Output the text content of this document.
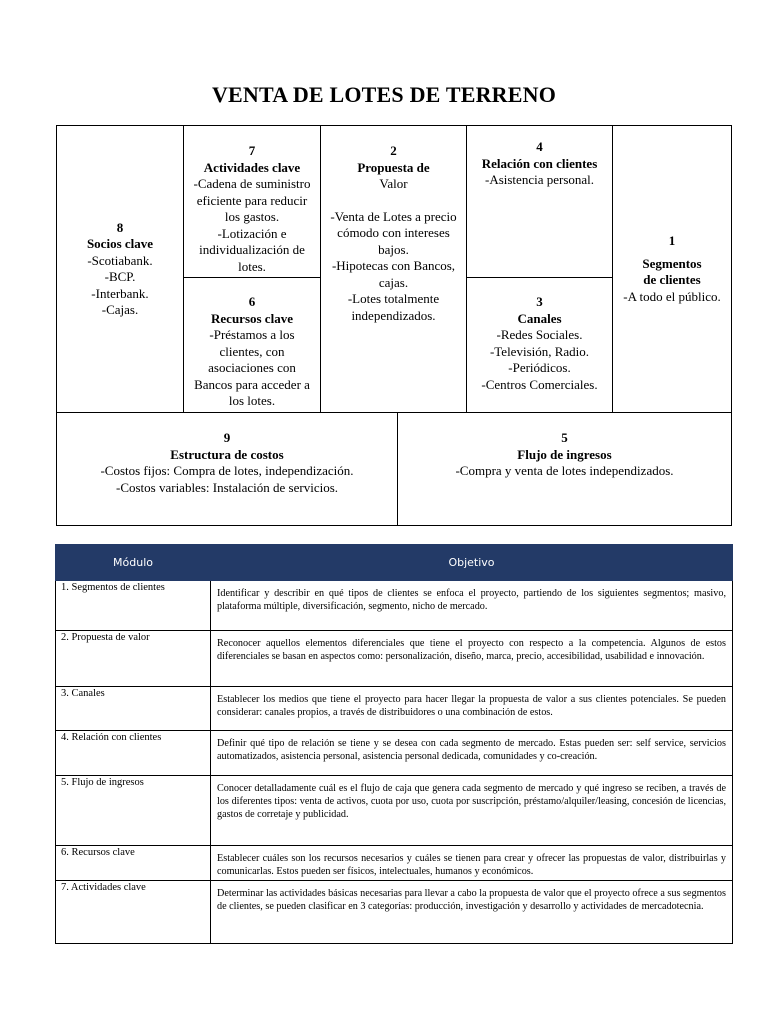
VENTA DE LOTES DE TERRENO
8
Socios clave
-Scotiabank.
-BCP.
-Interbank.
-Cajas.
7
Actividades clave
-Cadena de suministro
eficiente para reducir
los gastos.
-Lotización e
individualización de
lotes.
6
Recursos clave
-Préstamos a los
clientes, con
asociaciones con
Bancos para acceder a
los lotes.
2
Propuesta de
Valor
-Venta de Lotes a precio
cómodo con intereses
bajos.
-Hipotecas con Bancos,
cajas.
-Lotes totalmente
independizados.
4
Relación con clientes
-Asistencia personal.
3
Canales
-Redes Sociales.
-Televisión, Radio.
-Periódicos.
-Centros Comerciales.
1
Segmentos
de clientes
-A todo el público.
9
Estructura de costos
-Costos fijos: Compra de lotes, independización.
-Costos variables: Instalación de servicios.
5
Flujo de ingresos
-Compra y venta de lotes independizados.
Módulo	Objetivo
1. Segmentos de clientes	Identificar y describir en qué tipos de clientes se enfoca el proyecto, partiendo de los siguientes segmentos; masivo, plataforma múltiple, diversificación, segmento, nicho de mercado.
2. Propuesta de valor	Reconocer aquellos elementos diferenciales que tiene el proyecto con respecto a la competencia. Algunos de estos diferenciales se basan en aspectos como: personalización, diseño, marca, precio, accesibilidad, usabilidad e innovación.
3. Canales	Establecer los medios que tiene el proyecto para hacer llegar la propuesta de valor a sus clientes potenciales. Se pueden considerar: canales propios, a través de distribuidores o una combinación de estos.
4. Relación con clientes	Definir qué tipo de relación se tiene y se desea con cada segmento de mercado. Estas pueden ser: self service, servicios automatizados, asistencia personal, asistencia personal dedicada, comunidades y co-creación.
5. Flujo de ingresos	Conocer detalladamente cuál es el flujo de caja que genera cada segmento de mercado y qué ingreso se reciben, a través de los diferentes tipos: venta de activos, cuota por uso, cuota por suscripción, préstamo/alquiler/leasing, concesión de licencias, gastos de corretaje y publicidad.
6. Recursos clave	Establecer cuáles son los recursos necesarios y cuáles se tienen para crear y ofrecer las propuestas de valor, distribuirlas y comunicarlas. Estos pueden ser físicos, intelectuales, humanos y económicos.
7. Actividades clave	Determinar las actividades básicas necesarias para llevar a cabo la propuesta de valor que el proyecto ofrece a sus segmentos de clientes, se pueden clasificar en 3 categorías: producción, investigación y desarrollo y actividades de mercadotecnia.
